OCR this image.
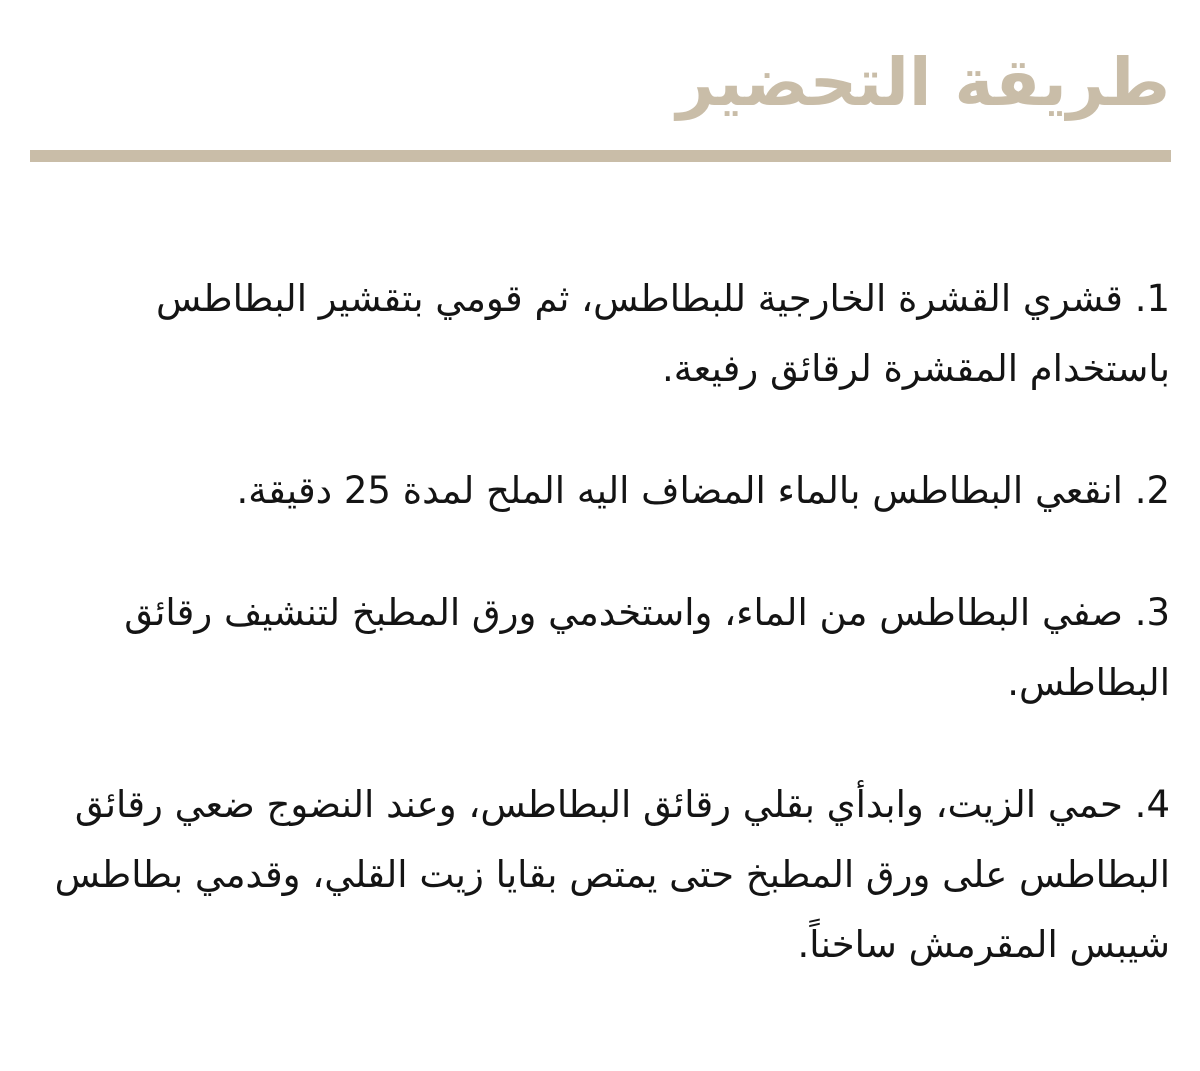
طريقة التحضير
1. قشري القشرة الخارجية للبطاطس، ثم قومي بتقشير البطاطس باستخدام المقشرة لرقائق رفيعة.
2. انقعي البطاطس بالماء المضاف اليه الملح لمدة 25 دقيقة.
3. صفي البطاطس من الماء، واستخدمي ورق المطبخ لتنشيف رقائق البطاطس.
4. حمي الزيت، وابدأي بقلي رقائق البطاطس، وعند النضوج ضعي رقائق البطاطس على ورق المطبخ حتى يمتص بقايا زيت القلي، وقدمي بطاطس شيبس المقرمش ساخناً.
